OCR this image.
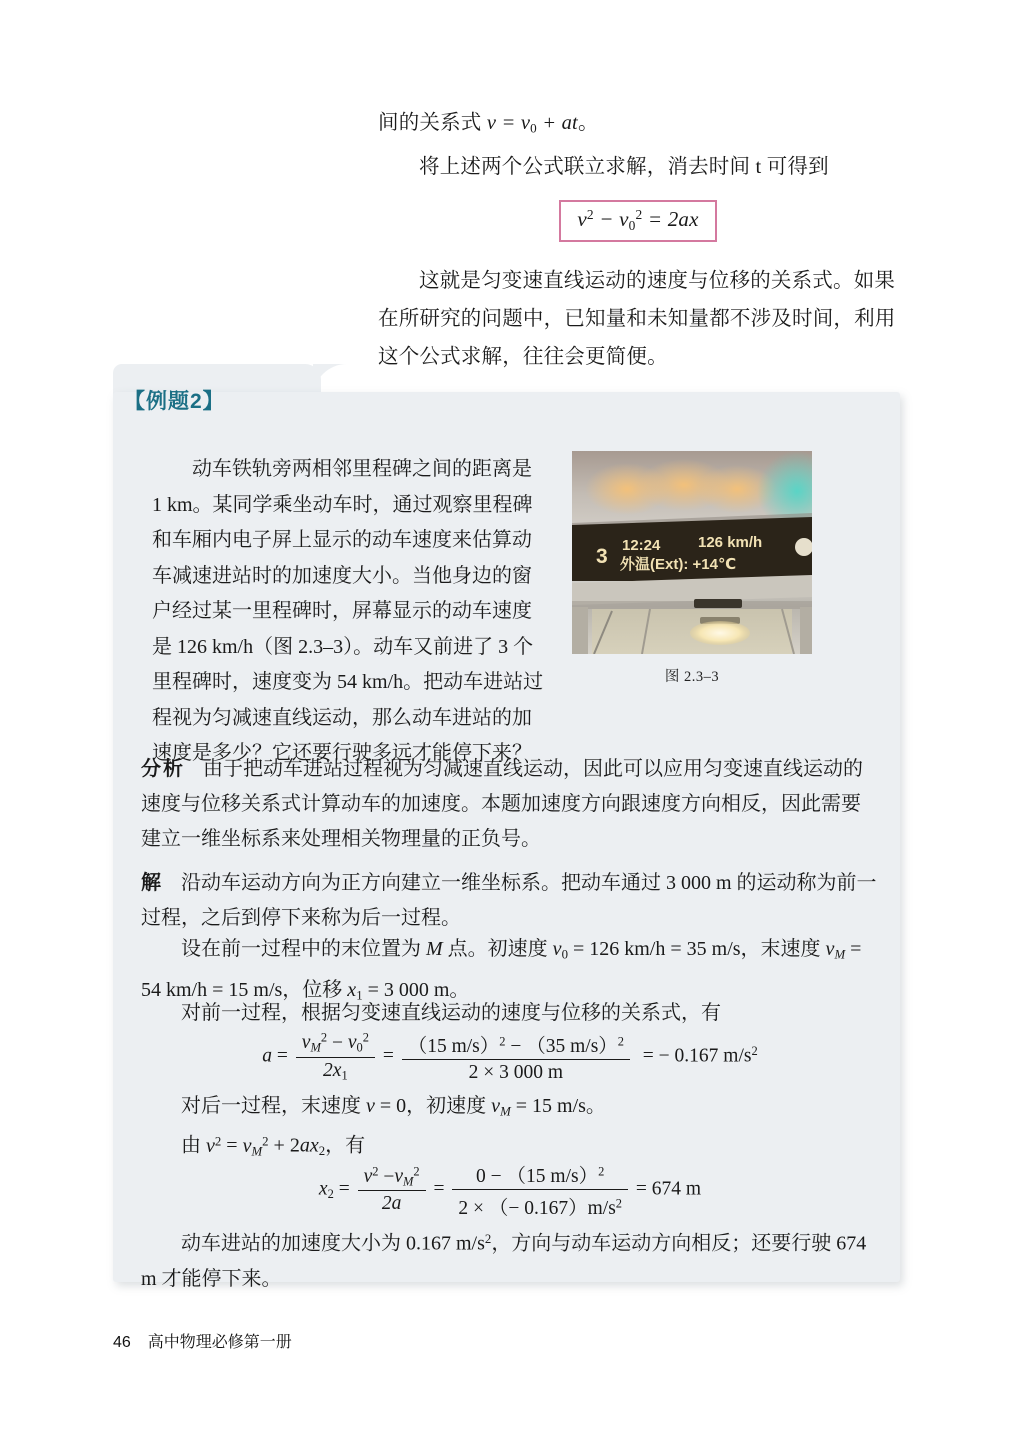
间的关系式 $v = v_0$ + at。

将上述两个公式联立求解，消去时间 t 可得到

$v^2 - v_0^2 = 2ax$

这就是匀变速直线运动的速度与位移的关系式。如果在所研究的问题中，已知量和未知量都不涉及时间，利用这个公式求解，往往会更简便。

【例题2】
动车铁轨旁两相邻里程碑之间的距离是 1 km。某同学乘坐动车时，通过观察里程碑和车厢内电子屏上显示的动车速度来估算动车减速进站时的加速度大小。当他身边的窗户经过某一里程碑时，屏幕显示的动车速度是 126 km/h（图 2.3–3）。动车又前进了 3 个里程碑时，速度变为 54 km/h。把动车进站过程视为匀减速直线运动，那么动车进站的加速度是多少？它还要行驶多远才能停下来？
3 12:24	126 km/h
外温(Ext): +14℃
图 2.3–3
分析 由于把动车进站过程视为匀减速直线运动，因此可以应用匀变速直线运动的速度与位移关系式计算动车的加速度。本题加速度方向跟速度方向相反，因此需要建立一维坐标系来处理相关物理量的正负号。
解 沿动车运动方向为正方向建立一维坐标系。把动车通过 3 000 m 的运动称为前一过程，之后到停下来称为后一过程。
设在前一过程中的末位置为 M 点。初速度 $v_0 = 126$ km/h = 35 m/s，末速度 $v_M = 54$ km/h = 15 m/s，位移 $x_1 = 3$ 000 m。
对前一过程，根据匀变速直线运动的速度与位移的关系式，有
$a = \frac{v_M^2 - v_0^2}{2x_1} = \frac{(15 m/s)^2 - (35 m/s)^2}{2 \times 3 000 m}$ = − 0.167 $m/s^2$
对后一过程，末速度 v = 0，初速度 $v_M = 15$ m/s。
由 $v^2 = v_M^2 + 2ax_2$，有
$x_2 = \frac{v^2 -v_M^2}{2a} = \frac{0 - (15 m/s)^2}{2 \times (- 0.167)m/s^2} = 674$ m
动车进站的加速度大小为 0.167 $m/s^2$，方向与动车运动方向相反；还要行驶 674 m 才能停下来。
46 高中物理必修第一册
